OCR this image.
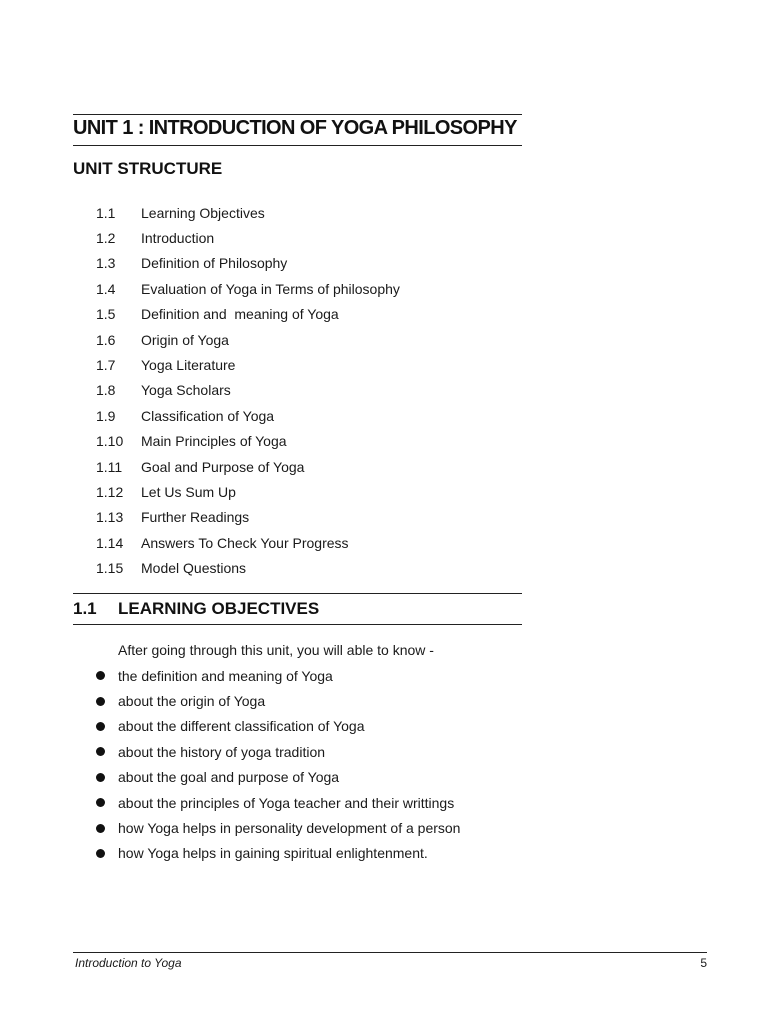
UNIT 1 : INTRODUCTION OF YOGA PHILOSOPHY
UNIT STRUCTURE
1.1	Learning Objectives
1.2	Introduction
1.3	Definition of Philosophy
1.4	Evaluation of Yoga in Terms of philosophy
1.5	Definition and  meaning of Yoga
1.6	Origin of Yoga
1.7	Yoga Literature
1.8	Yoga Scholars
1.9	Classification of Yoga
1.10	Main Principles of Yoga
1.11	Goal and Purpose of Yoga
1.12	Let Us Sum Up
1.13	Further Readings
1.14	Answers To Check Your Progress
1.15	Model Questions
1.1 LEARNING OBJECTIVES
After going through this unit, you will able to know -
the definition and meaning of Yoga
about the origin of Yoga
about the different classification of Yoga
about the history of yoga tradition
about the goal and purpose of Yoga
about the principles of Yoga teacher and their writtings
how Yoga helps in personality development of a person
how Yoga helps in gaining spiritual enlightenment.
Introduction to Yoga	5
